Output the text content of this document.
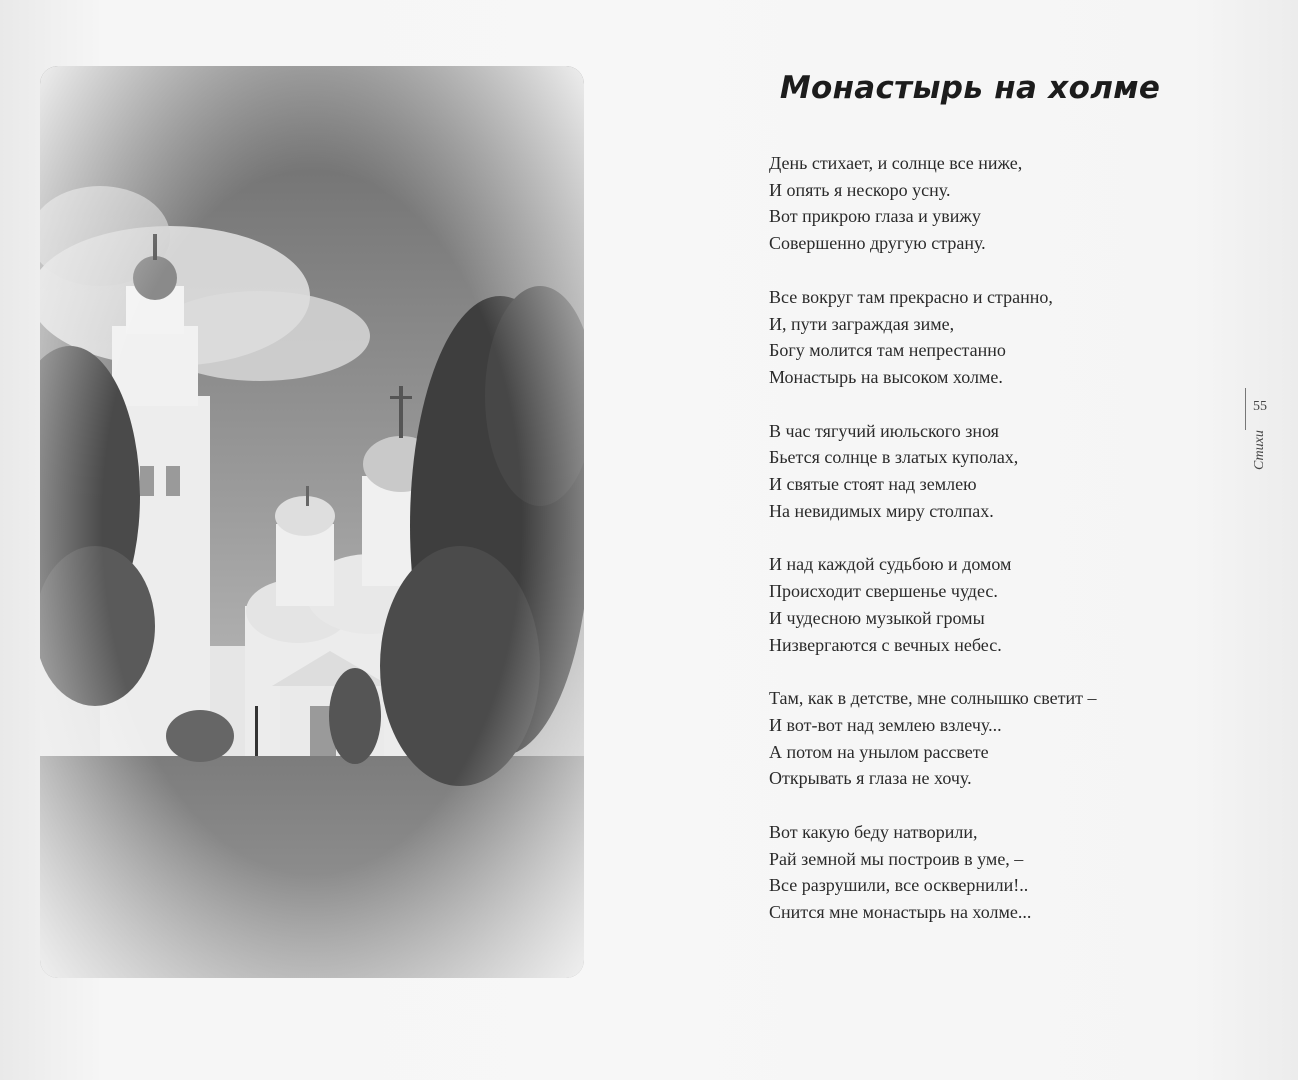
Монастырь на холме
День стихает, и солнце все ниже,
И опять я нескоро усну.
Вот прикрою глаза и увижу
Совершенно другую страну.
Все вокруг там прекрасно и странно,
И, пути заграждая зиме,
Богу молится там непрестанно
Монастырь на высоком холме.
В час тягучий июльского зноя
Бьется солнце в златых куполах,
И святые стоят над землею
На невидимых миру столпах.
И над каждой судьбою и домом
Происходит свершенье чудес.
И чудесною музыкой громы
Низвергаются с вечных небес.
Там, как в детстве, мне солнышко светит –
И вот-вот над землею взлечу...
А потом на унылом рассвете
Открывать я глаза не хочу.
Вот какую беду натворили,
Рай земной мы построив в уме, –
Все разрушили, все осквернили!..
Снится мне монастырь на холме...
55
Стихи
